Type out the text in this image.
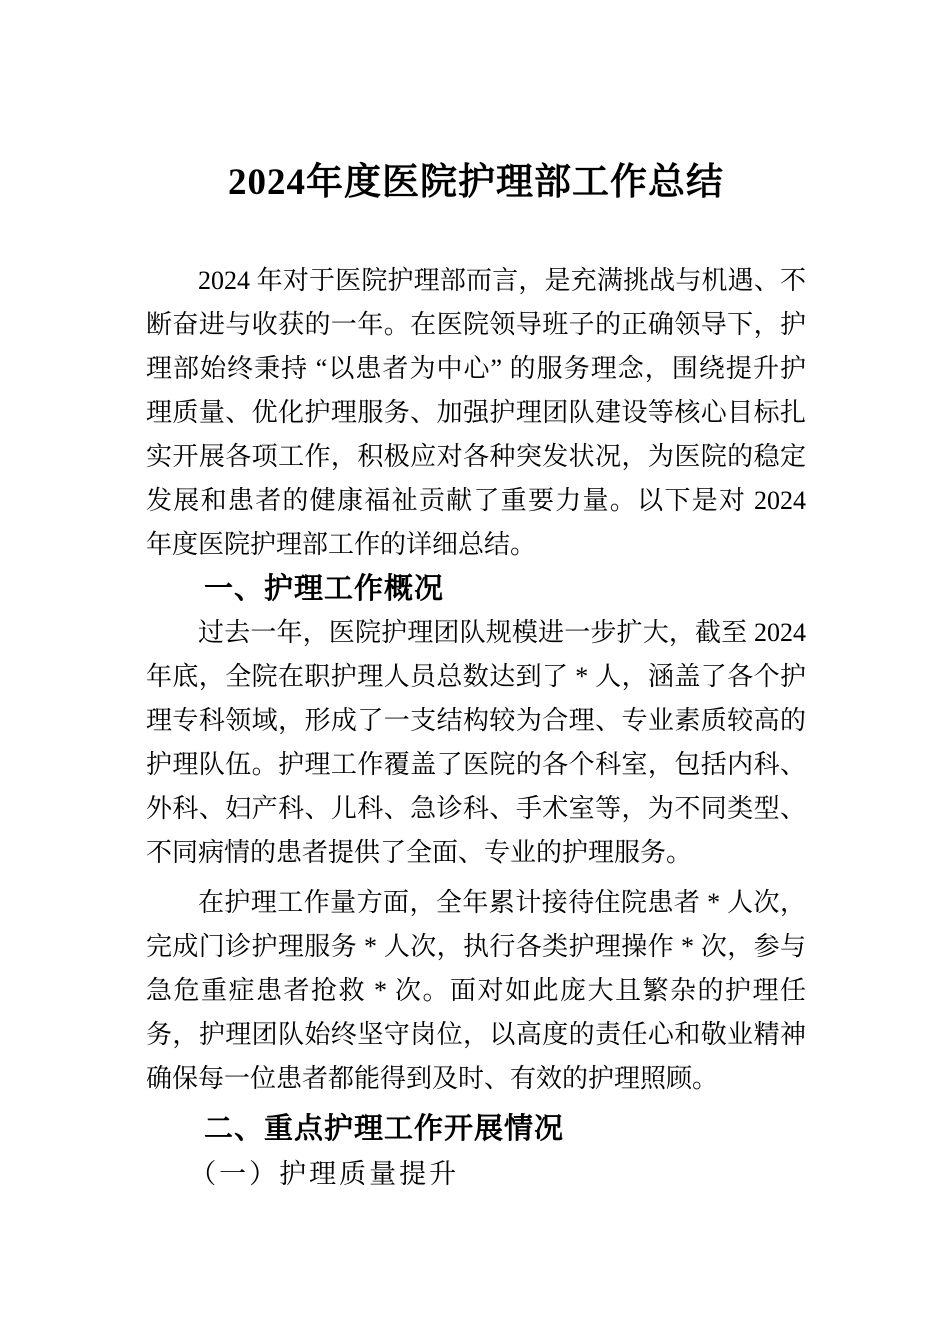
2024年度医院护理部工作总结

2024 年对于医院护理部而言，是充满挑战与机遇、不断奋进与收获的一年。在医院领导班子的正确领导下，护理部始终秉持 “以患者为中心” 的服务理念，围绕提升护理质量、优化护理服务、加强护理团队建设等核心目标扎实开展各项工作，积极应对各种突发状况，为医院的稳定发展和患者的健康福祉贡献了重要力量。以下是对 2024 年度医院护理部工作的详细总结。

一、护理工作概况

过去一年，医院护理团队规模进一步扩大，截至 2024 年底，全院在职护理人员总数达到了 * 人，涵盖了各个护理专科领域，形成了一支结构较为合理、专业素质较高的护理队伍。护理工作覆盖了医院的各个科室，包括内科、外科、妇产科、儿科、急诊科、手术室等，为不同类型、不同病情的患者提供了全面、专业的护理服务。

在护理工作量方面，全年累计接待住院患者 * 人次，完成门诊护理服务 * 人次，执行各类护理操作 * 次，参与急危重症患者抢救 * 次。面对如此庞大且繁杂的护理任务，护理团队始终坚守岗位，以高度的责任心和敬业精神确保每一位患者都能得到及时、有效的护理照顾。

二、重点护理工作开展情况
（一）护理质量提升
